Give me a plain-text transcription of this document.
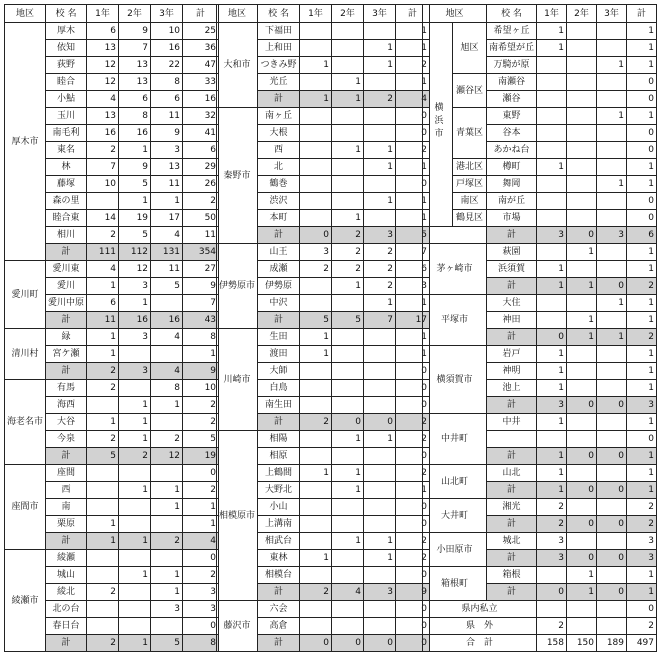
地区	校 名	1年	2年	3年	計
厚木市	厚木	6	9	10	25
	依知	13	7	16	36
	荻野	12	13	22	47
	睦合	12	13	8	33
	小鮎	4	6	6	16
	玉川	13	8	11	32
	南毛利	16	16	9	41
	東名	2	1	3	6
	林	7	9	13	29
	藤塚	10	5	11	26
	森の里		1	1	2
	睦合東	14	19	17	50
	相川	2	5	4	11
	計	111	112	131	354
愛川町	愛川東	4	12	11	27
	愛川	1	3	5	9
	愛川中原	6	1		7
	計	11	16	16	43
清川村	緑	1	3	4	8
	宮ケ瀬	1			1
	計	2	3	4	9
海老名市	有馬	2		8	10
	海西		1	1	2
	大谷	1	1		2
	今泉	2	1	2	5
	計	5	2	12	19
座間市	座間				0
	西		1	1	2
	南			1	1
	栗原	1			1
	計	1	1	2	4
綾瀬市	綾瀬				0
	城山		1	1	2
	綾北	2		1	3
	北の台			3	3
	春日台				0
	計	2	1	5	8
地区	校 名	1年	2年	3年	計
大和市	下福田				1
	上和田			1	1
	つきみ野	1		1	2
	光丘		1		1
	計	1	1	2	4
秦野市	南ヶ丘				0
	大根				0
	西		1	1	2
	北			1	1
	鶴巻				0
	渋沢			1	1
	本町		1		1
	計	0	2	3	5
伊勢原市	山王	3	2	2	7
	成瀬	2	2	2	6
	伊勢原		1	2	3
	中沢			1	1
	計	5	5	7	17
川崎市	生田	1			1
	渡田	1			1
	大師				0
	白鳥				0
	南生田				0
	計	2	0	0	2
相模原市	相陽		1	1	2
	相原				0
	上鶴間	1	1		2
	大野北		1		1
	小山				0
	上溝南				0
	相武台		1	1	2
	東林	1		1	2
	相模台				0
	計	2	4	3	9
藤沢市	六会				0
	高倉				0
	計	0	0	0	0
地区		校 名	1年	2年	3年	計
横浜市	旭区	希望ヶ丘	1			1
		南希望が丘	1			1
		万騎が原			1	1
	瀬谷区	南瀬谷				0
		瀬谷				0
	青葉区	東野			1	1
		谷本				0
		あかね台				0
	港北区	樽町	1			1
	戸塚区	舞岡			1	1
	南区	南が丘				0
	鶴見区	市場				0
		計	3	0	3	6
茅ヶ崎市		萩園		1		1
		浜須賀	1			1
		計	1	1	0	2
平塚市		大住			1	1
		神田		1		1
		計	0	1	1	2
横須賀市		岩戸	1			1
		神明	1			1
		池上	1			1
		計	3	0	0	3
中井町		中井	1			1
						0
		計	1	0	0	1
山北町		山北	1			1
		計	1	0	0	1
大井町		湘光	2			2
		計	2	0	0	2
小田原市		城北	3			3
		計	3	0	0	3
箱根町		箱根		1		1
		計	0	1	0	1
県内私立						0
県　外			2			2
合　計			158	150	189	497
